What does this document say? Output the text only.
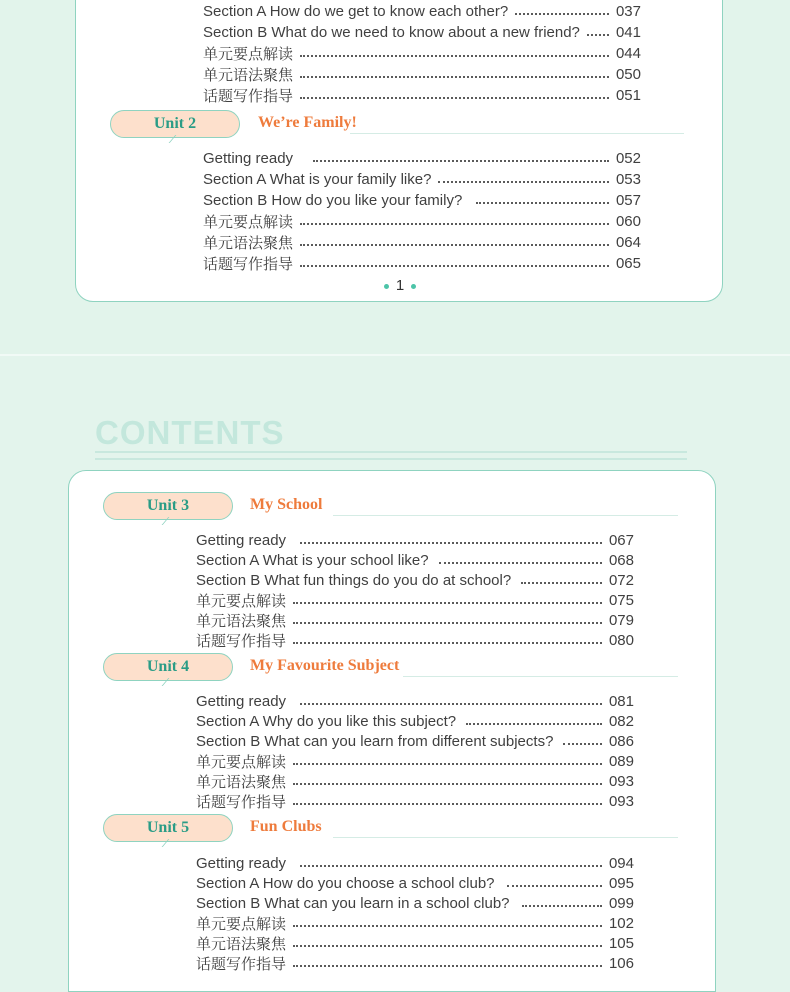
Section A How do we get to know each other?	037
Section B What do we need to know about a new friend? 041
单元要点解读	044
单元语法聚焦	050
话题写作指导	051
Unit 2	We’re Family!
Getting ready	052
Section A What is your family like?	053
Section B How do you like your family?	057
单元要点解读	060
单元语法聚焦	064
话题写作指导	065
1
CONTENTS
Unit 3	My School
Getting ready	067
Section A What is your school like?	068
Section B What fun things do you do at school?	072
单元要点解读	075
单元语法聚焦	079
话题写作指导	080
Unit 4	My Favourite Subject
Getting ready	081
Section A Why do you like this subject?	082
Section B What can you learn from different subjects?	086
单元要点解读	089
单元语法聚焦	093
话题写作指导	093
Unit 5	Fun Clubs
Getting ready	094
Section A How do you choose a school club?	095
Section B What can you learn in a school club?	099
单元要点解读	102
单元语法聚焦	105
话题写作指导	106
